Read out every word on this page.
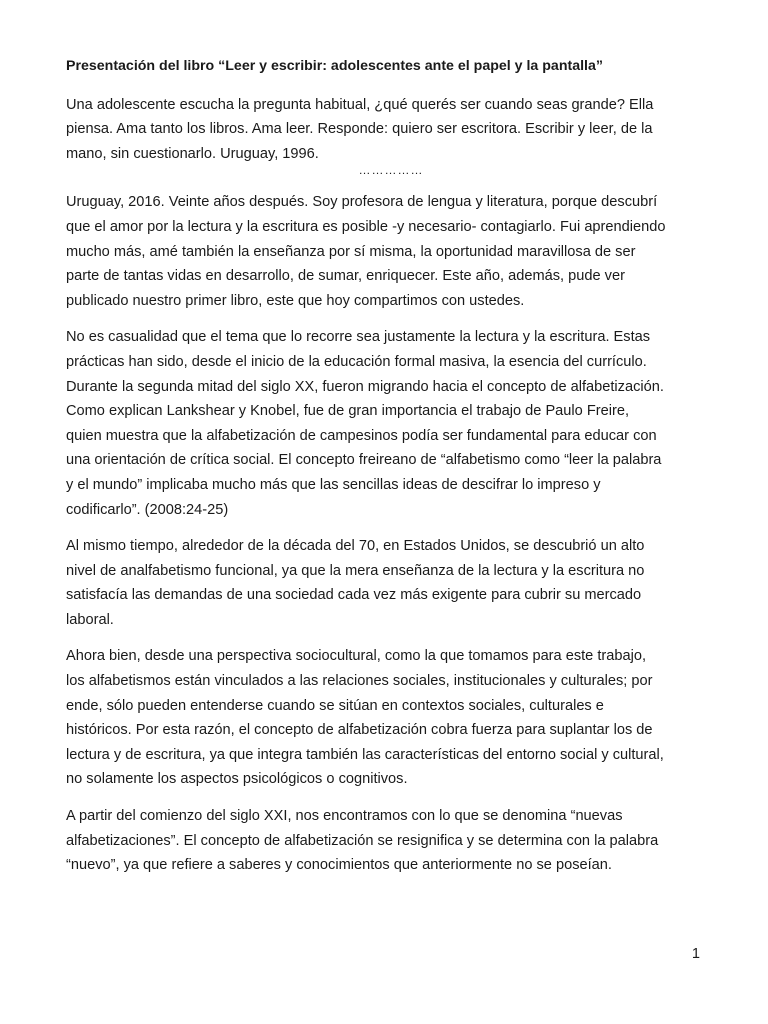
Presentación del libro “Leer y escribir: adolescentes ante el papel y la pantalla”
Una adolescente escucha la pregunta habitual, ¿qué querés ser cuando seas grande? Ella
piensa. Ama tanto los libros. Ama leer. Responde: quiero ser escritora. Escribir y leer, de la
mano, sin cuestionarlo. Uruguay, 1996.
……………
Uruguay, 2016. Veinte años después. Soy profesora de lengua y literatura, porque descubrí
que el amor por la lectura y la escritura es posible -y necesario- contagiarlo. Fui aprendiendo
mucho más, amé también la enseñanza por sí misma, la oportunidad maravillosa de ser
parte de tantas vidas en desarrollo, de sumar, enriquecer. Este año, además, pude ver
publicado nuestro primer libro, este que hoy compartimos con ustedes.
No es casualidad que el tema que lo recorre sea justamente la lectura y la escritura. Estas
prácticas han sido, desde el inicio de la educación formal masiva, la esencia del currículo.
Durante la segunda mitad del siglo XX, fueron migrando hacia el concepto de alfabetización.
Como explican Lankshear y Knobel, fue de gran importancia el trabajo de Paulo Freire,
quien muestra que la alfabetización de campesinos podía ser fundamental para educar con
una orientación de crítica social. El concepto freireano de “alfabetismo como “leer la palabra
y el mundo” implicaba mucho más que las sencillas ideas de descifrar lo impreso y
codificarlo”. (2008:24-25)
Al mismo tiempo, alrededor de la década del 70, en Estados Unidos, se descubrió un alto
nivel de analfabetismo funcional, ya que la mera enseñanza de la lectura y la escritura no
satisfacía las demandas de una sociedad cada vez más exigente para cubrir su mercado
laboral.
Ahora bien, desde una perspectiva sociocultural, como la que tomamos para este trabajo,
los alfabetismos están vinculados a las relaciones sociales, institucionales y culturales; por
ende, sólo pueden entenderse cuando se sitúan en contextos sociales, culturales e
históricos. Por esta razón, el concepto de alfabetización cobra fuerza para suplantar los de
lectura y de escritura, ya que integra también las características del entorno social y cultural,
no solamente los aspectos psicológicos o cognitivos.
A partir del comienzo del siglo XXI, nos encontramos con lo que se denomina “nuevas
alfabetizaciones”. El concepto de alfabetización se resignifica y se determina con la palabra
“nuevo”, ya que refiere a saberes y conocimientos que anteriormente no se poseían.
1
